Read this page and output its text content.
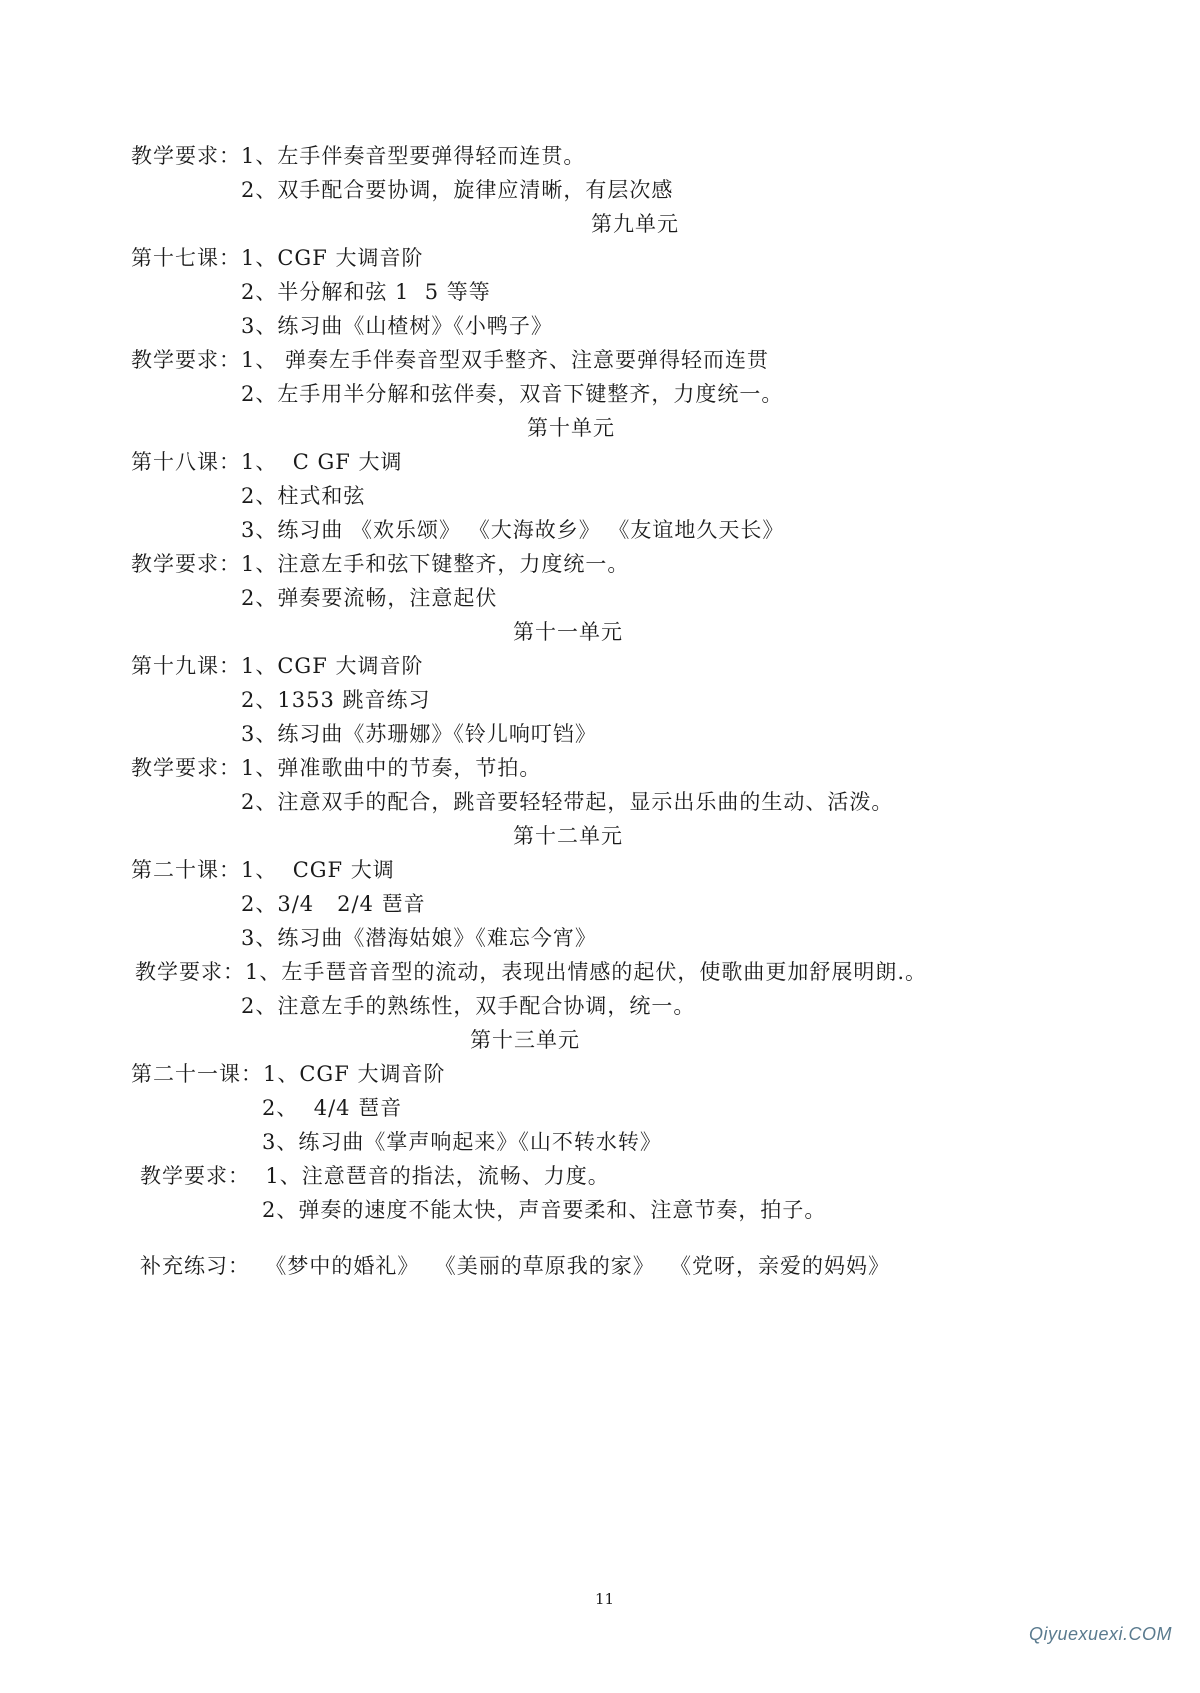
教学要求：1、左手伴奏音型要弹得轻而连贯。
2、双手配合要协调，旋律应清晰，有层次感
第九单元
第十七课：1、CGF 大调音阶
2、半分解和弦 1  5 等等
3、练习曲《山楂树》《小鸭子》
教学要求：1、 弹奏左手伴奏音型双手整齐、注意要弹得轻而连贯
2、左手用半分解和弦伴奏，双音下键整齐，力度统一。
第十单元
第十八课：1、  C GF 大调
2、柱式和弦
3、练习曲 《欢乐颂》 《大海故乡》 《友谊地久天长》
教学要求：1、注意左手和弦下键整齐，力度统一。
2、弹奏要流畅，注意起伏
第十一单元
第十九课：1、CGF 大调音阶
2、1353 跳音练习
3、练习曲《苏珊娜》《铃儿响叮铛》
教学要求：1、弹准歌曲中的节奏，节拍。
2、注意双手的配合，跳音要轻轻带起，显示出乐曲的生动、活泼。
第十二单元
第二十课：1、  CGF 大调
2、3/4   2/4 琶音
3、练习曲《潜海姑娘》《难忘今宵》
教学要求：1、左手琶音音型的流动，表现出情感的起伏，使歌曲更加舒展明朗.。
2、注意左手的熟练性，双手配合协调，统一。
第十三单元
第二十一课：1、CGF 大调音阶
2、  4/4 琶音
3、练习曲《掌声响起来》《山不转水转》
教学要求：  1、注意琶音的指法，流畅、力度。
2、弹奏的速度不能太快，声音要柔和、注意节奏，拍子。
补充练习：  《梦中的婚礼》  《美丽的草原我的家》  《党呀，亲爱的妈妈》
11
Qiyuexuexi.COM
